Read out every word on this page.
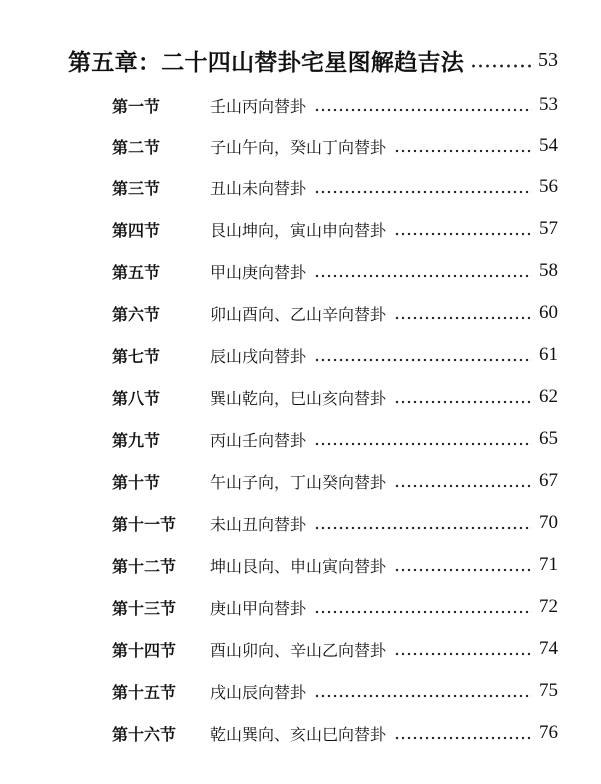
第五章：二十四山替卦宅星图解趋吉法	53
第一节	壬山丙向替卦	53
第二节	子山午向，癸山丁向替卦	54
第三节	丑山未向替卦	56
第四节	艮山坤向，寅山申向替卦	57
第五节	甲山庚向替卦	58
第六节	卯山酉向、乙山辛向替卦	60
第七节	辰山戌向替卦	61
第八节	巽山乾向，巳山亥向替卦	62
第九节	丙山壬向替卦	65
第十节	午山子向，丁山癸向替卦	67
第十一节	未山丑向替卦	70
第十二节	坤山艮向、申山寅向替卦	71
第十三节	庚山甲向替卦	72
第十四节	酉山卯向、辛山乙向替卦	74
第十五节	戌山辰向替卦	75
第十六节	乾山巽向、亥山巳向替卦	76
